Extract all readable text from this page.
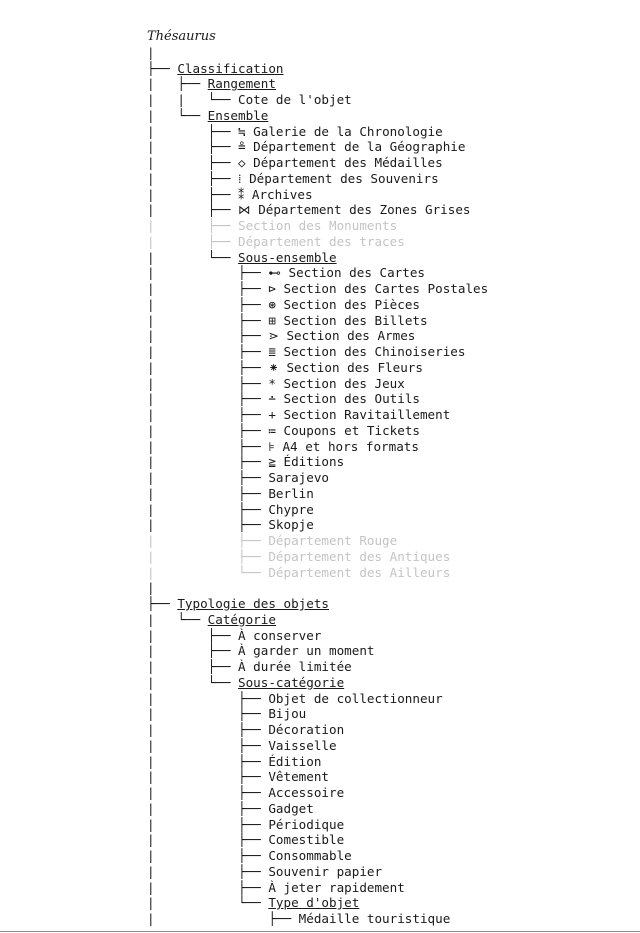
Thésaurus
|
├── Classification
|   ├── Rangement
|   |   └── Cote de l'objet
|   └── Ensemble
|       ├── ≒ Galerie de la Chronologie
|       ├── ≗ Département de la Géographie
|       ├── ◇ Département des Médailles
|       ├── ⁞ Département des Souvenirs
|       ├── ⁑ Archives
|       ├── ⋈ Département des Zones Grises
|       ├── Section des Monuments
|       ├── Département des traces
|       └── Sous-ensemble
|           ├── ⊷ Section des Cartes
|           ├── ⊳ Section des Cartes Postales
|           ├── ⊛ Section des Pièces
|           ├── ⊞ Section des Billets
|           ├── ⋗ Section des Armes
|           ├── ≣ Section des Chinoiseries
|           ├── ⁕ Section des Fleurs
|           ├── * Section des Jeux
|           ├── ∸ Section des Outils
|           ├── + Section Ravitaillement
|           ├── ≔ Coupons et Tickets
|           ├── ⊧ A4 et hors formats
|           ├── ≧ Éditions
|           ├── Sarajevo
|           ├── Berlin
|           ├── Chypre
|           ├── Skopje
|           ├── Département Rouge
|           ├── Département des Antiques
|           └── Département des Ailleurs
|
├── Typologie des objets
|   └── Catégorie
|       ├── À conserver
|       ├── À garder un moment
|       ├── À durée limitée
|       └── Sous-catégorie
|           ├── Objet de collectionneur
|           ├── Bijou
|           ├── Décoration
|           ├── Vaisselle
|           ├── Édition
|           ├── Vêtement
|           ├── Accessoire
|           ├── Gadget
|           ├── Périodique
|           ├── Comestible
|           ├── Consommable
|           ├── Souvenir papier
|           ├── À jeter rapidement
|           └── Type d'objet
|               ├── Médaille touristique
